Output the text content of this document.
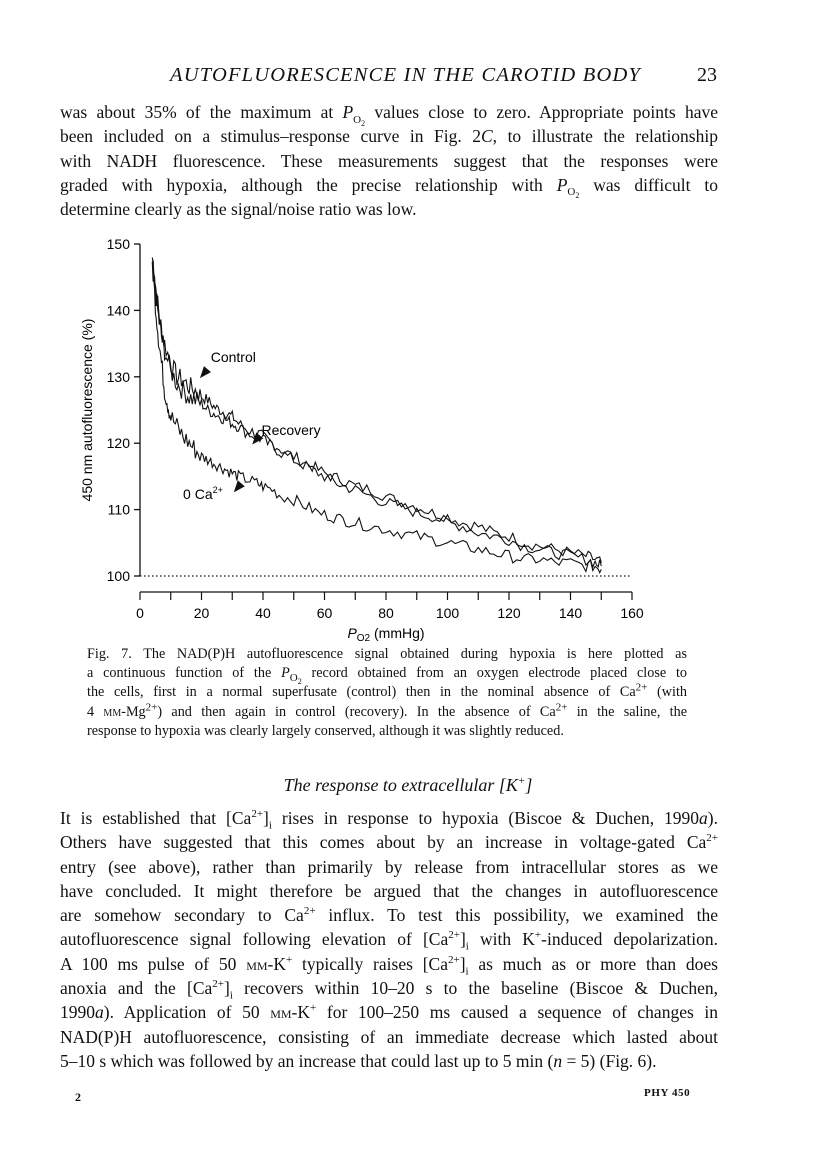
AUTOFLUORESCENCE IN THE CAROTID BODY	23
was about 35% of the maximum at $P_{O_2}$ values close to zero. Appropriate points have
been included on a stimulus–response curve in Fig. 2C, to illustrate the relationship
with NADH fluorescence. These measurements suggest that the responses were
graded with hypoxia, although the precise relationship with $P_{O_2}$ was difficult to
determine clearly as the signal/noise ratio was low.
100
110
120
130
140
150
0	20	40	60	80	100	120	140	160
$P_{O2}$ (mmHg)
450 nm autofluorescence (%)	Control
Recovery
0 $Ca^{2+}$
Fig. 7. The NAD(P)H autofluorescence signal obtained during hypoxia is here plotted as
a continuous function of the $P_{O_2}$ record obtained from an oxygen electrode placed close to
the cells, first in a normal superfusate (control) then in the nominal absence of $Ca^{2+}$ (with
4 $mm-Mg^{2+}$) and then again in control (recovery). In the absence of $Ca^{2+}$ in the saline, the
response to hypoxia was clearly largely conserved, although it was slightly reduced.
The response to extracellular [K+]
It is established that $[Ca^{2+}]_i$ rises in response to hypoxia (Biscoe & Duchen, 1990a).
Others have suggested that this comes about by an increase in voltage-gated $Ca^{2+}$
entry (see above), rather than primarily by release from intracellular stores as we
have concluded. It might therefore be argued that the changes in autofluorescence
are somehow secondary to $Ca^{2+}$ influx. To test this possibility, we examined the
autofluorescence signal following elevation of $[Ca^{2+}]_i$ with K+-induced depolarization.
A 100 ms pulse of 50 mm-K+ typically raises $[Ca^{2+}]_i$ as much as or more than does
anoxia and the $[Ca^{2+}]_i$ recovers within 10–20 s to the baseline (Biscoe & Duchen,
1990a). Application of 50 mm-K+ for 100–250 ms caused a sequence of changes in
NAD(P)H autofluorescence, consisting of an immediate decrease which lasted about
5–10 s which was followed by an increase that could last up to 5 min (n = 5) (Fig. 6).
2	PHY 450
